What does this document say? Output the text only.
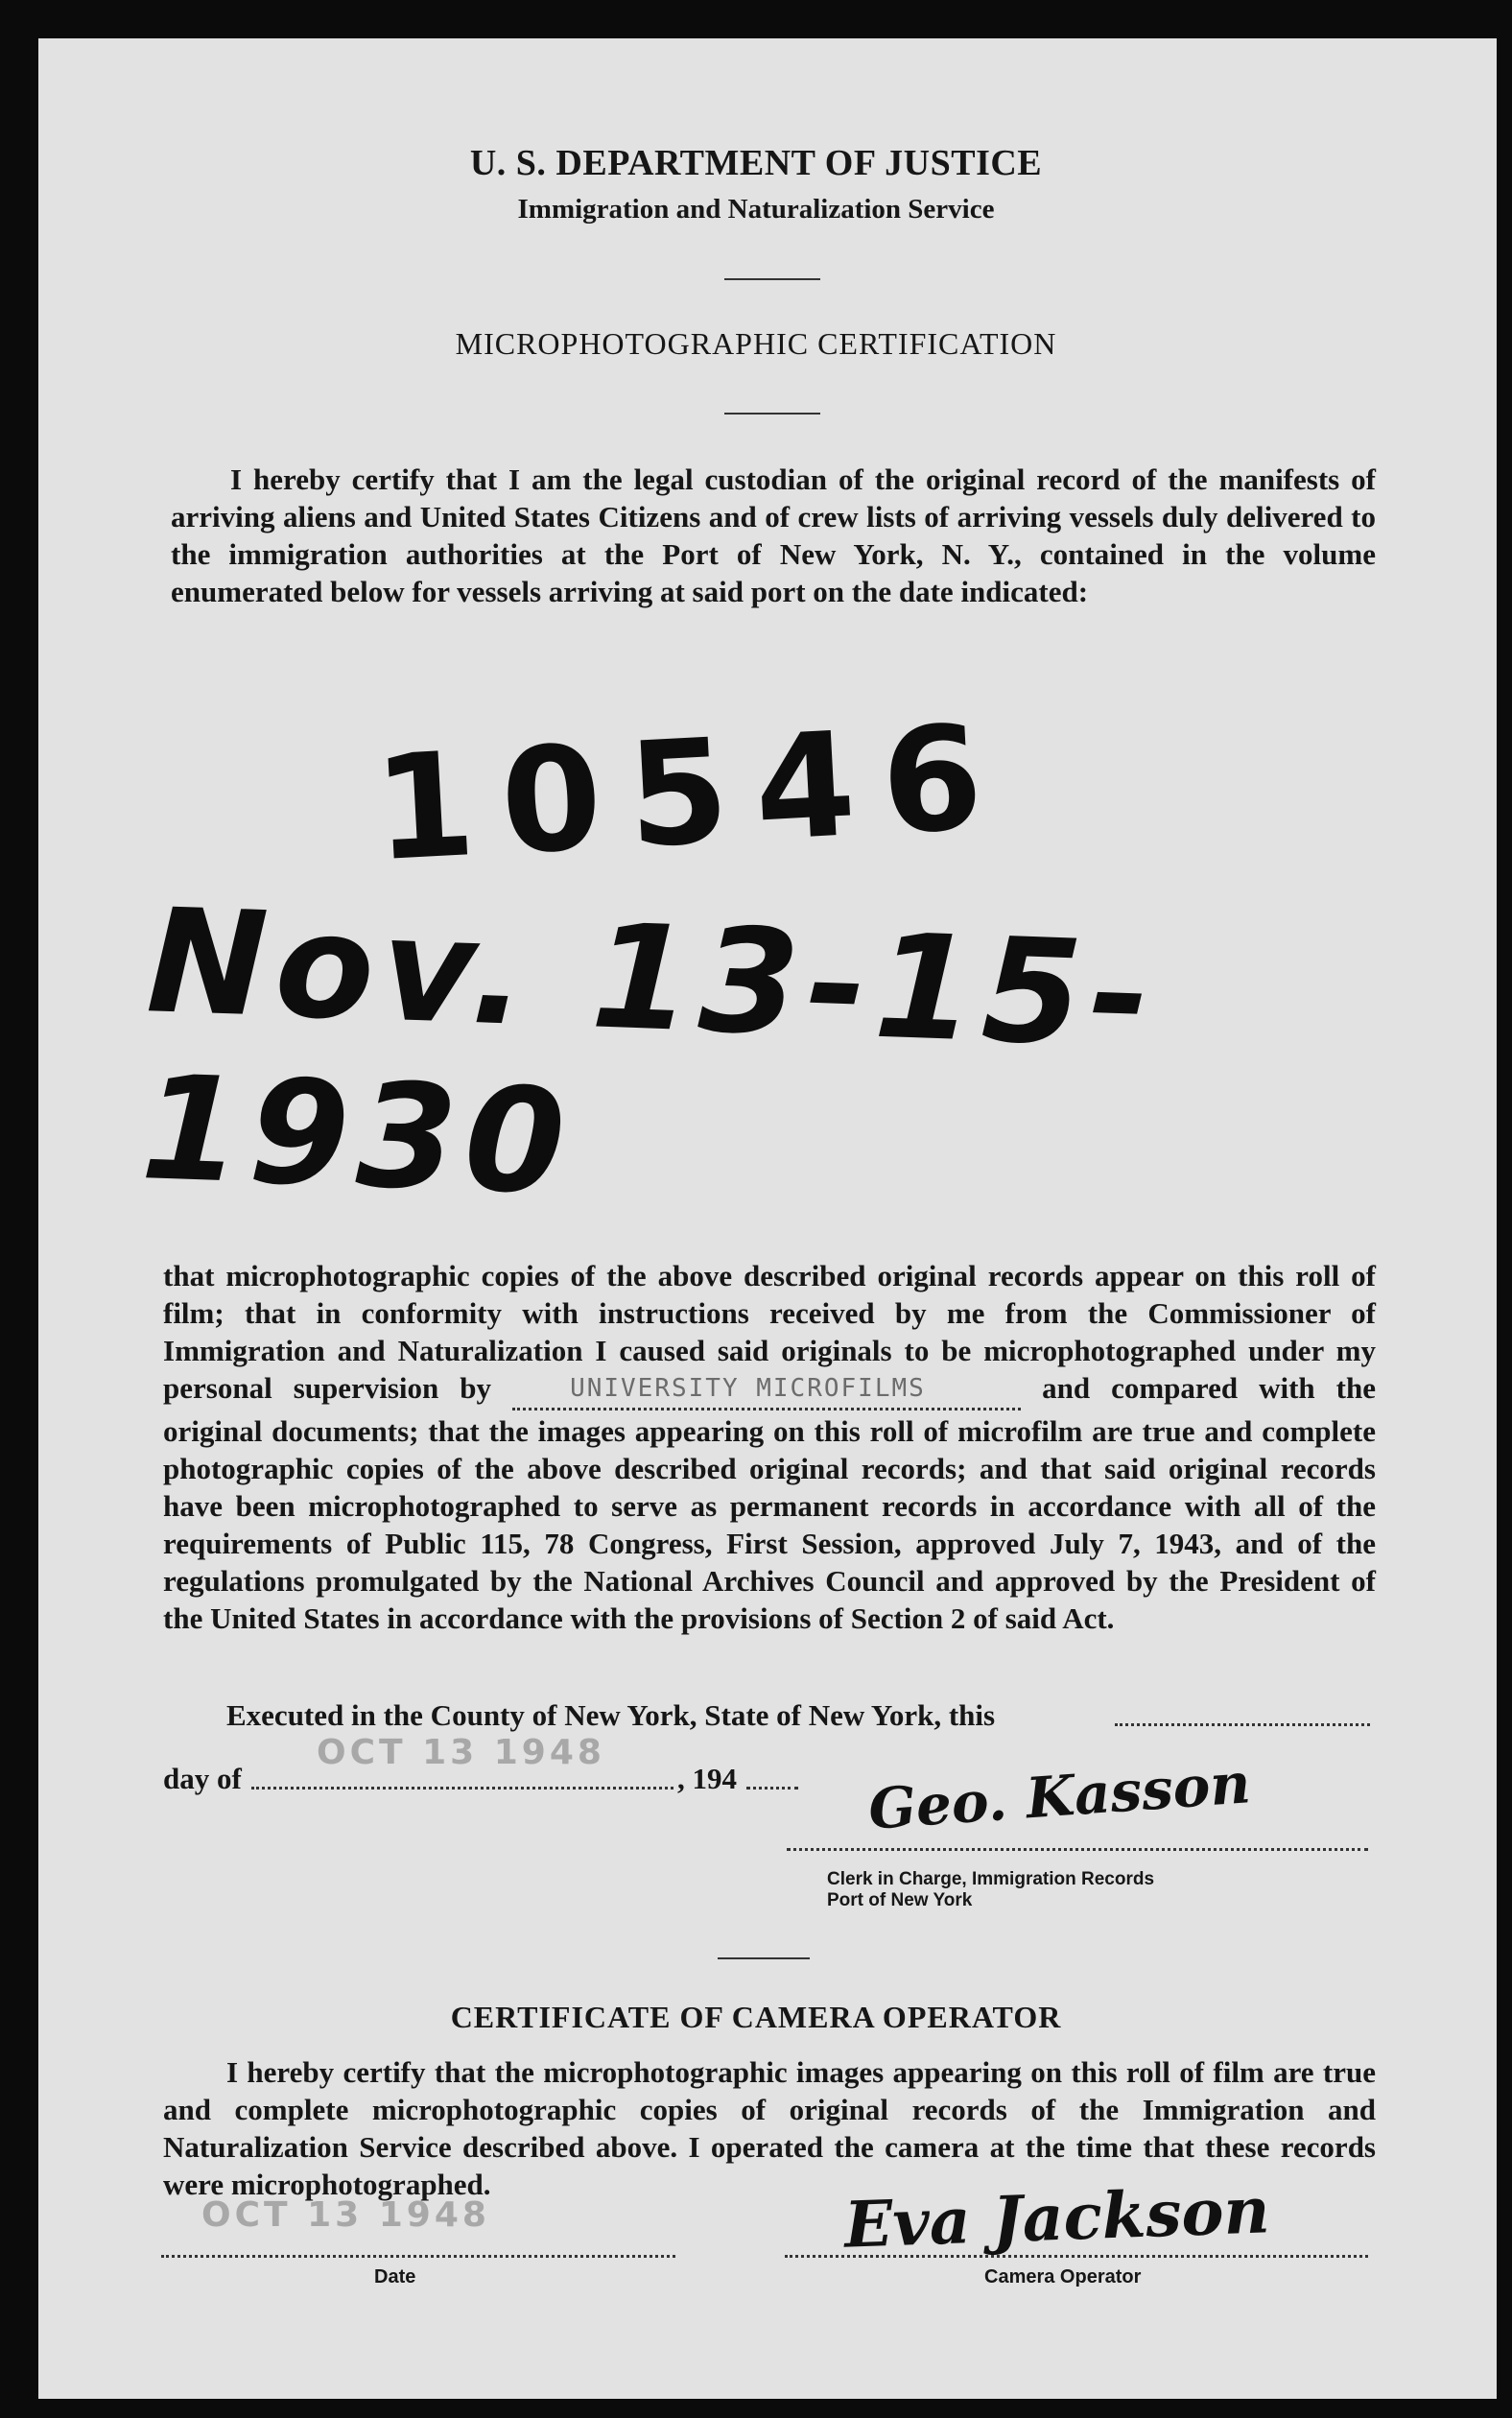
U. S. DEPARTMENT OF JUSTICE
Immigration and Naturalization Service
MICROPHOTOGRAPHIC CERTIFICATION
I hereby certify that I am the legal custodian of the original record of the manifests of arriving aliens and United States Citizens and of crew lists of arriving vessels duly delivered to the immigration authorities at the Port of New York, N. Y., contained in the volume enumerated below for vessels arriving at said port on the date indicated:
10546
Nov. 13-15-1930
that microphotographic copies of the above described original records appear on this roll of film; that in conformity with instructions received by me from the Commissioner of Immigration and Naturalization I caused said originals to be microphotographed under my personal supervision by	UNIVERSITY MICROFILMS	and compared with the original documents; that the images appearing on this roll of microfilm are true and complete photographic copies of the above described original records; and that said original records have been microphotographed to serve as permanent records in accordance with all of the requirements of Public 115, 78 Congress, First Session, approved July 7, 1943, and of the regulations promulgated by the National Archives Council and approved by the President of the United States in accordance with the provisions of Section 2 of said Act.
Executed in the County of New York, State of New York, this
day of
OCT 13 1948
, 194 Geo. Kasson
Clerk in Charge, Immigration Records
Port of New York
CERTIFICATE OF CAMERA OPERATOR
I hereby certify that the microphotographic images appearing on this roll of film are true and complete microphotographic copies of original records of the Immigration and Naturalization Service described above. I operated the camera at the time that these records were microphotographed.
OCT 13 1948
Date
Eva Jackson
Camera Operator
